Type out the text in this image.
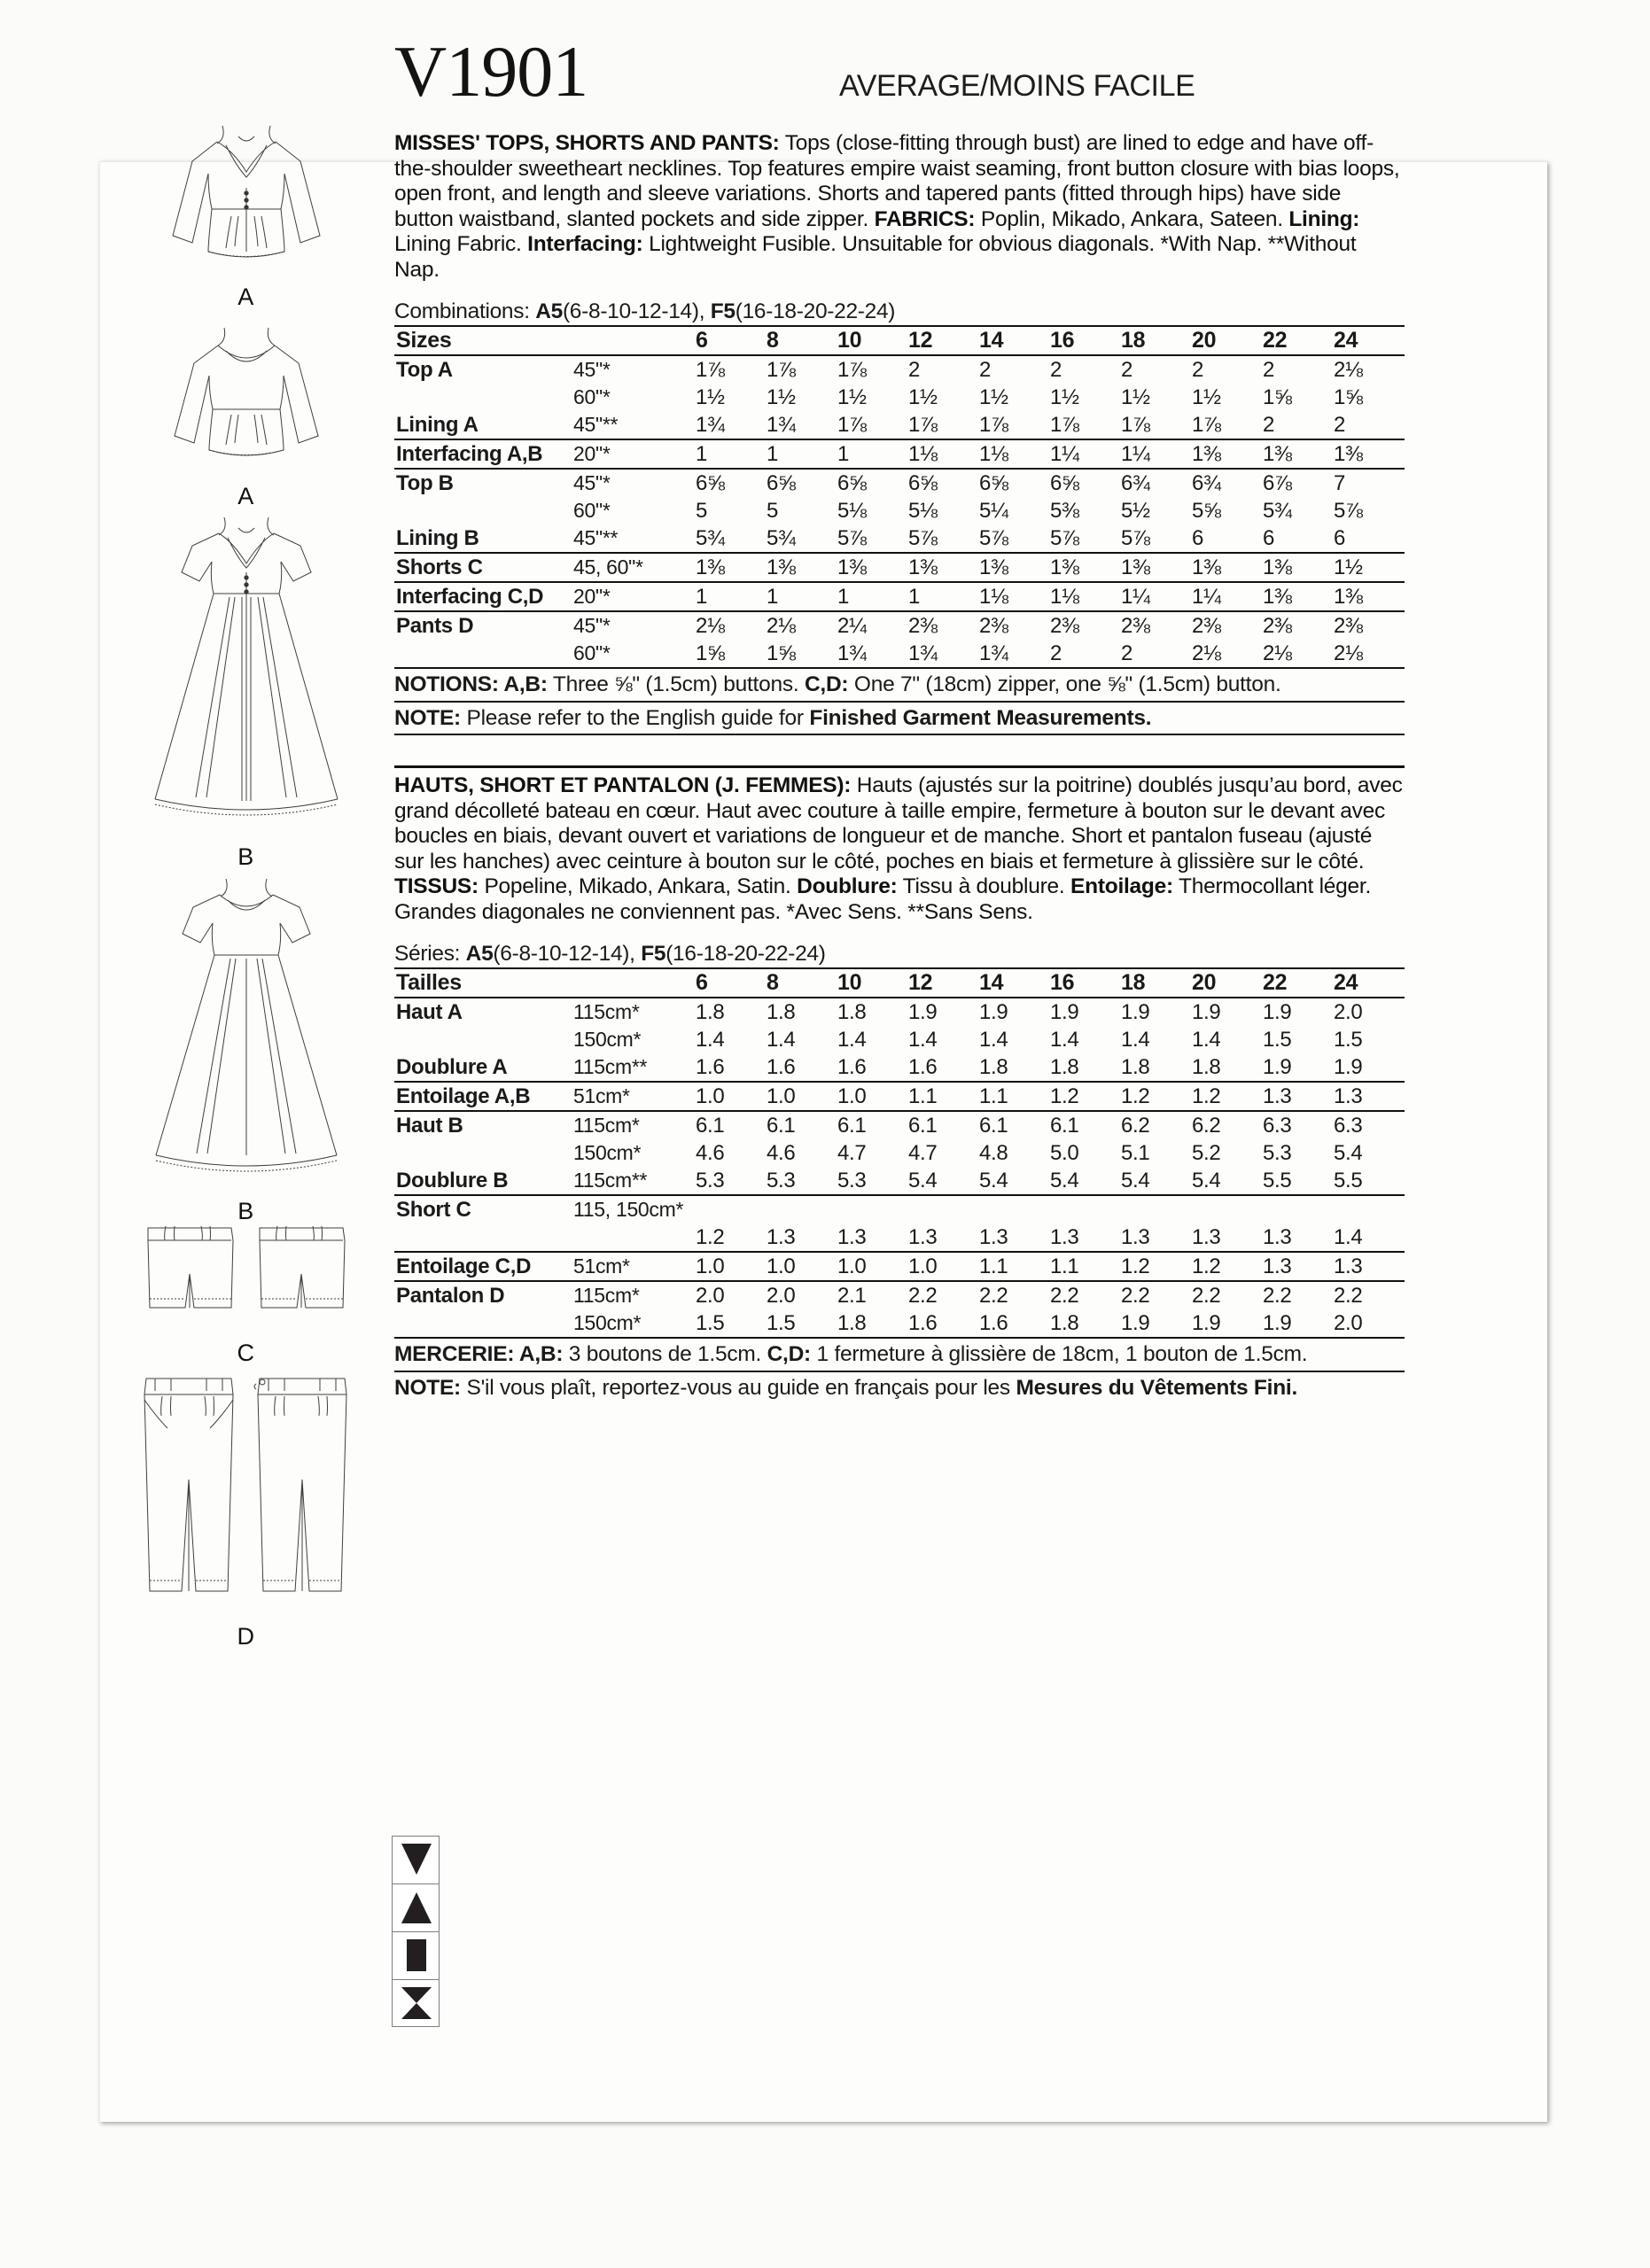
A
A
B
B
C
D
V1901	AVERAGE/MOINS FACILE

MISSES' TOPS, SHORTS AND PANTS: Tops (close-fitting through bust) are lined to edge and have off-the-shoulder sweetheart necklines. Top features empire waist seaming, front button closure with bias loops, open front, and length and sleeve variations. Shorts and tapered pants (fitted through hips) have side button waistband, slanted pockets and side zipper. FABRICS: Poplin, Mikado, Ankara, Sateen. Lining: Lining Fabric. Interfacing: Lightweight Fusible. Unsuitable for obvious diagonals. *With Nap. **Without Nap.

Combinations: A5(6-8-10-12-14), F5(16-18-20-22-24)

Sizes		6	8	10	12	14	16	18	20	22	24
Top A	45"*	1⅞	1⅞	1⅞	2	2	2	2	2	2	2⅛
	60"*	1½	1½	1½	1½	1½	1½	1½	1½	1⅝	1⅝
Lining A	45"**	1¾	1¾	1⅞	1⅞	1⅞	1⅞	1⅞	1⅞	2	2
Interfacing A,B	20"*	1	1	1	1⅛	1⅛	1¼	1¼	1⅜	1⅜	1⅜
Top B	45"*	6⅝	6⅝	6⅝	6⅝	6⅝	6⅝	6¾	6¾	6⅞	7
	60"*	5	5	5⅛	5⅛	5¼	5⅜	5½	5⅝	5¾	5⅞
Lining B	45"**	5¾	5¾	5⅞	5⅞	5⅞	5⅞	5⅞	6	6	6
Shorts C	45, 60"*	1⅜	1⅜	1⅜	1⅜	1⅜	1⅜	1⅜	1⅜	1⅜	1½
Interfacing C,D	20"*	1	1	1	1	1⅛	1⅛	1¼	1¼	1⅜	1⅜
Pants D	45"*	2⅛	2⅛	2¼	2⅜	2⅜	2⅜	2⅜	2⅜	2⅜	2⅜
	60"*	1⅝	1⅝	1¾	1¾	1¾	2	2	2⅛	2⅛	2⅛

NOTIONS: A,B: Three ⅝" (1.5cm) buttons. C,D: One 7" (18cm) zipper, one ⅝" (1.5cm) button.

NOTE: Please refer to the English guide for Finished Garment Measurements.

HAUTS, SHORT ET PANTALON (J. FEMMES): Hauts (ajustés sur la poitrine) doublés jusqu’au bord, avec grand décolleté bateau en cœur. Haut avec couture à taille empire, fermeture à bouton sur le devant avec boucles en biais, devant ouvert et variations de longueur et de manche. Short et pantalon fuseau (ajusté sur les hanches) avec ceinture à bouton sur le côté, poches en biais et fermeture à glissière sur le côté. TISSUS: Popeline, Mikado, Ankara, Satin. Doublure: Tissu à doublure. Entoilage: Thermocollant léger. Grandes diagonales ne conviennent pas. *Avec Sens. **Sans Sens.

Séries: A5(6-8-10-12-14), F5(16-18-20-22-24)

Tailles		6	8	10	12	14	16	18	20	22	24
Haut A	115cm*	1.8	1.8	1.8	1.9	1.9	1.9	1.9	1.9	1.9	2.0
	150cm*	1.4	1.4	1.4	1.4	1.4	1.4	1.4	1.4	1.5	1.5
Doublure A	115cm**	1.6	1.6	1.6	1.6	1.8	1.8	1.8	1.8	1.9	1.9
Entoilage A,B	51cm*	1.0	1.0	1.0	1.1	1.1	1.2	1.2	1.2	1.3	1.3
Haut B	115cm*	6.1	6.1	6.1	6.1	6.1	6.1	6.2	6.2	6.3	6.3
	150cm*	4.6	4.6	4.7	4.7	4.8	5.0	5.1	5.2	5.3	5.4
Doublure B	115cm**	5.3	5.3	5.3	5.4	5.4	5.4	5.4	5.4	5.5	5.5
Short C	115, 150cm*										
		1.2	1.3	1.3	1.3	1.3	1.3	1.3	1.3	1.3	1.4
Entoilage C,D	51cm*	1.0	1.0	1.0	1.0	1.1	1.1	1.2	1.2	1.3	1.3
Pantalon D	115cm*	2.0	2.0	2.1	2.2	2.2	2.2	2.2	2.2	2.2	2.2
	150cm*	1.5	1.5	1.8	1.6	1.6	1.8	1.9	1.9	1.9	2.0

MERCERIE: A,B: 3 boutons de 1.5cm. C,D: 1 fermeture à glissière de 18cm, 1 bouton de 1.5cm.

NOTE: S'il vous plaît, reportez-vous au guide en français pour les Mesures du Vêtements Fini.
